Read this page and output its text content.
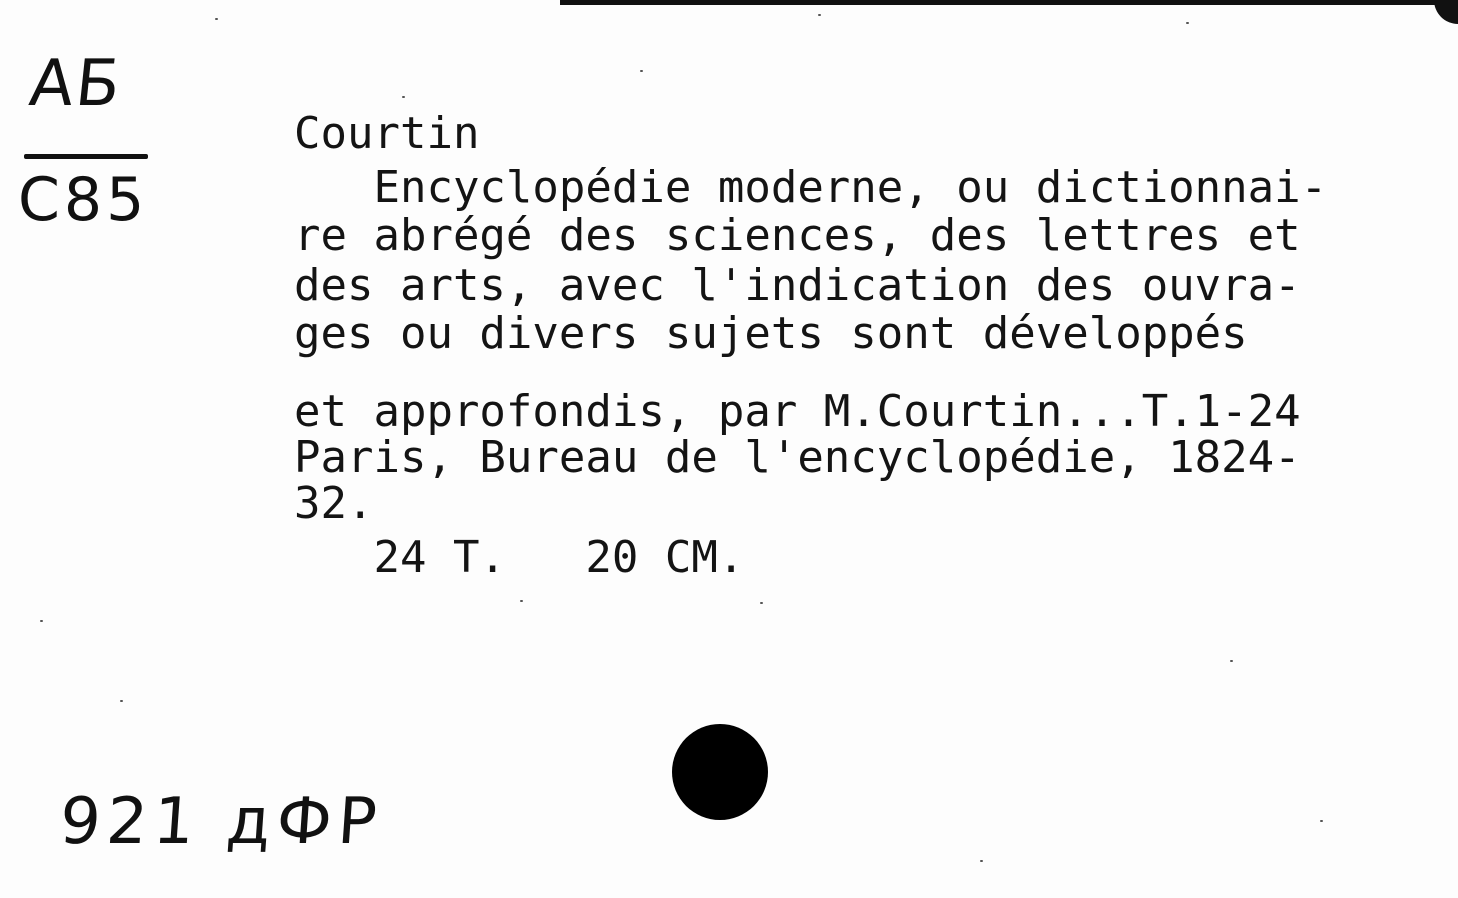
АБ
C85
Courtin
Encyclopédie moderne, ou dictionnai-
re abrégé des sciences, des lettres et
des arts, avec l'indication des ouvra-
ges ou divers sujets sont développés
et approfondis, par M.Courtin...T.1-24
Paris, Bureau de l'encyclopédie, 1824-
32.
24 T.   20 CM.
921 дФР
